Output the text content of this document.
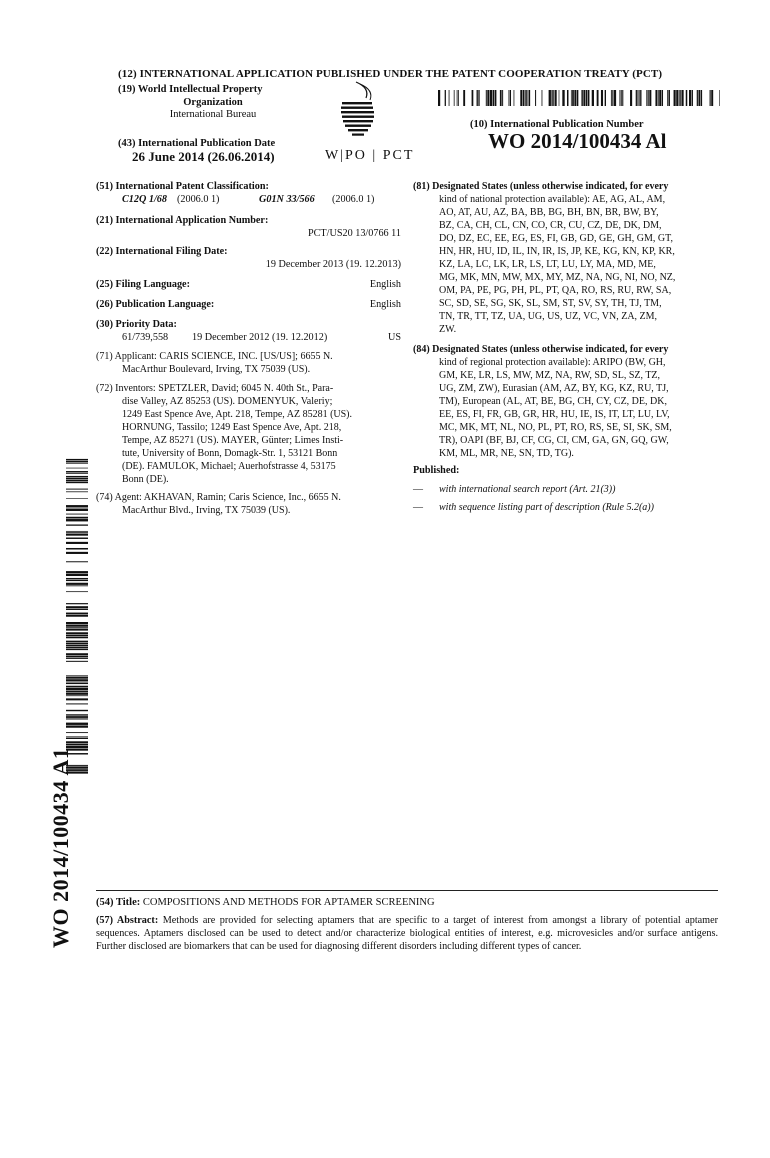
(12) INTERNATIONAL APPLICATION PUBLISHED UNDER THE PATENT COOPERATION TREATY (PCT)
(19) World Intellectual Property
Organization
International Bureau
(43) International Publication Date
26 June 2014 (26.06.2014)	W|PO | PCT
(10) International Publication Number
WO 2014/100434 Al
(51) International Patent Classification:
C12Q 1/68 (2006.0 1)	G01N 33/566 (2006.0 1)
(21) International Application Number:
PCT/US20 13/0766 11
(22) International Filing Date:
19 December 2013 (19. 12.2013)
(25) Filing Language:	English
(26) Publication Language:	English
(30) Priority Data:
61/739,558 19 December 2012 (19. 12.2012)	US
(71) Applicant: CARIS SCIENCE, INC. [US/US]; 6655 N.
MacArthur Boulevard, Irving, TX 75039 (US).
(72) Inventors: SPETZLER, David; 6045 N. 40th St., Para-
dise Valley, AZ 85253 (US). DOMENYUK, Valeriy;
1249 East Spence Ave, Apt. 218, Tempe, AZ 85281 (US).
HORNUNG, Tassilo; 1249 East Spence Ave, Apt. 218,
Tempe, AZ 85271 (US). MAYER, Günter; Limes Insti-
tute, University of Bonn, Domagk-Str. 1, 53121 Bonn
(DE). FAMULOK, Michael; Auerhofstrasse 4, 53175
Bonn (DE).
(74) Agent: AKHAVAN, Ramin; Caris Science, Inc., 6655 N.
MacArthur Blvd., Irving, TX 75039 (US).
(81) Designated States (unless otherwise indicated, for every
kind of national protection available): AE, AG, AL, AM,
AO, AT, AU, AZ, BA, BB, BG, BH, BN, BR, BW, BY,
BZ, CA, CH, CL, CN, CO, CR, CU, CZ, DE, DK, DM,
DO, DZ, EC, EE, EG, ES, FI, GB, GD, GE, GH, GM, GT,
HN, HR, HU, ID, IL, IN, IR, IS, JP, KE, KG, KN, KP, KR,
KZ, LA, LC, LK, LR, LS, LT, LU, LY, MA, MD, ME,
MG, MK, MN, MW, MX, MY, MZ, NA, NG, NI, NO, NZ,
OM, PA, PE, PG, PH, PL, PT, QA, RO, RS, RU, RW, SA,
SC, SD, SE, SG, SK, SL, SM, ST, SV, SY, TH, TJ, TM,
TN, TR, TT, TZ, UA, UG, US, UZ, VC, VN, ZA, ZM,
ZW.
(84) Designated States (unless otherwise indicated, for every
kind of regional protection available): ARIPO (BW, GH,
GM, KE, LR, LS, MW, MZ, NA, RW, SD, SL, SZ, TZ,
UG, ZM, ZW), Eurasian (AM, AZ, BY, KG, KZ, RU, TJ,
TM), European (AL, AT, BE, BG, CH, CY, CZ, DE, DK,
EE, ES, FI, FR, GB, GR, HR, HU, IE, IS, IT, LT, LU, LV,
MC, MK, MT, NL, NO, PL, PT, RO, RS, SE, SI, SK, SM,
TR), OAPI (BF, BJ, CF, CG, CI, CM, GA, GN, GQ, GW,
KM, ML, MR, NE, SN, TD, TG).
Published:
— with international search report (Art. 21(3))
— with sequence listing part of description (Rule 5.2(a))
WO 2014/100434 A1 (54) Title: COMPOSITIONS AND METHODS FOR APTAMER SCREENING
(57) Abstract: Methods are provided for selecting aptamers that are specific to a target of interest from amongst a library of potential aptamer sequences. Aptamers disclosed can be used to detect and/or characterize biological entities of interest, e.g. microvesicles and/or surface antigens. Further disclosed are biomarkers that can be used for diagnosing different disorders including different types of cancer.
